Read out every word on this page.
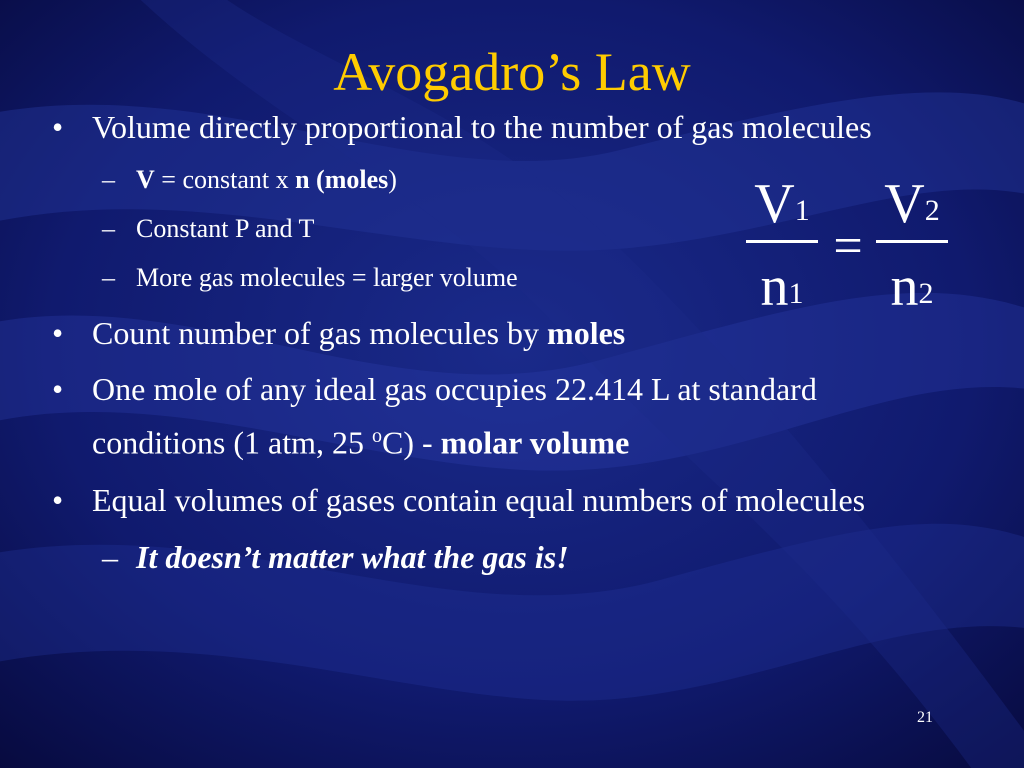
Avogadro’s Law
• Volume directly proportional to the number of gas molecules
– V = constant x n (moles)
– Constant P and T
– More gas molecules = larger volume
• Count number of gas molecules by moles
• One mole of any ideal gas occupies 22.414 L at standard conditions (1 atm, 25 $^o$C) - molar volume
• Equal volumes of gases contain equal numbers of molecules
– It doesn’t matter what the gas is!
$V_1$
$n_1$
=
$V_2$
$n_2$
21
